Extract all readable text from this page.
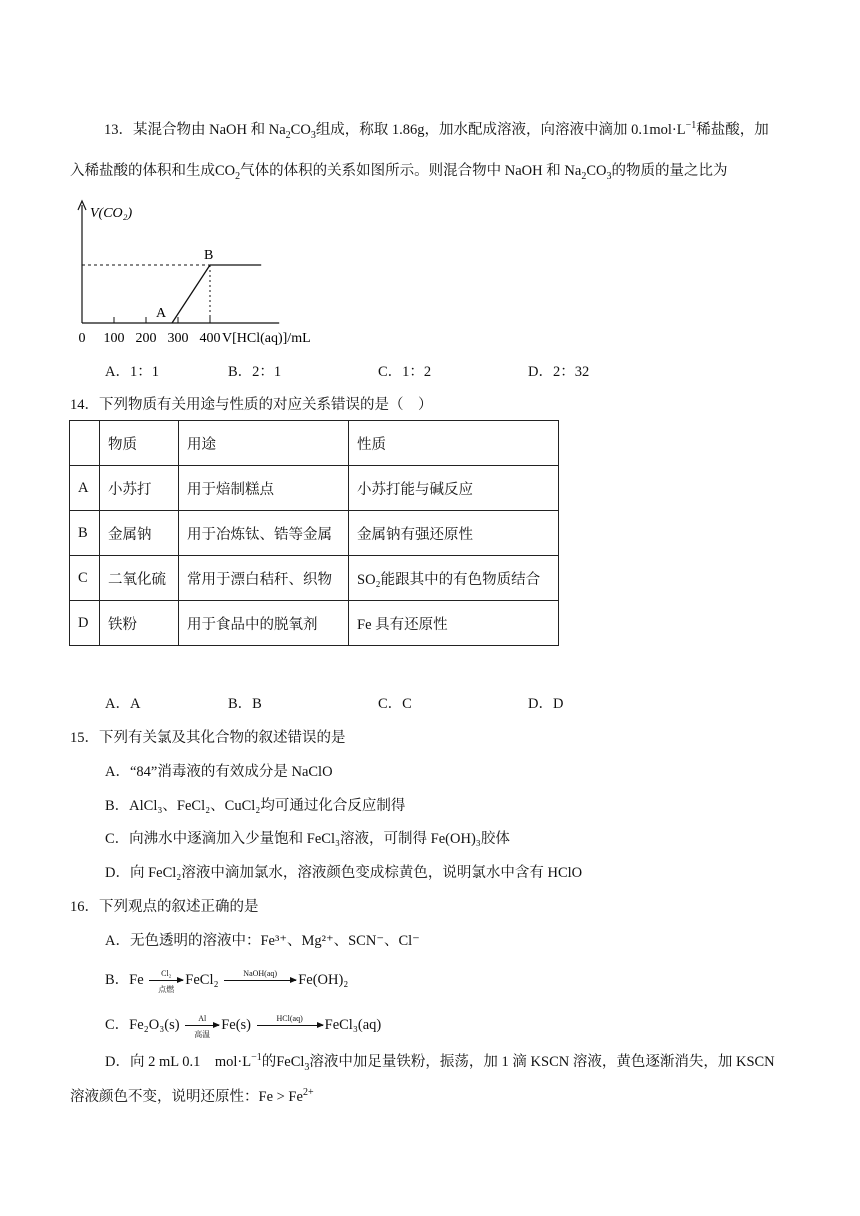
13．某混合物由 NaOH 和 $Na_2CO_3$组成，称取 1.86g，加水配成溶液，向溶液中滴加 $0.1mol\cdot L^{-1}$稀盐酸，加
入稀盐酸的体积和生成$CO_2$气体的体积的关系如图所示。则混合物中 NaOH 和 $Na_2CO_3$的物质的量之比为
V(CO₂)
0 100 200 300 400 V[HCl(aq)]/mL
A
B
A．1：1	B．2：1	C．1：2	D．2：32
14．下列物质有关用途与性质的对应关系错误的是（　）
	物质	用途	性质
A	小苏打	用于焙制糕点	小苏打能与碱反应
B	金属钠	用于冶炼钛、锆等金属	金属钠有强还原性
C	二氧化硫	常用于漂白秸秆、织物	SO₂能跟其中的有色物质结合
D	铁粉	用于食品中的脱氧剂	Fe 具有还原性
A．A	B．B	C．C	D．D
15．下列有关氯及其化合物的叙述错误的是
A．“84”消毒液的有效成分是 NaClO
B．AlCl₃、FeCl₂、CuCl₂均可通过化合反应制得
C．向沸水中逐滴加入少量饱和 FeCl₃溶液，可制得 Fe(OH)₃胶体
D．向 FeCl₂溶液中滴加氯水，溶液颜色变成棕黄色，说明氯水中含有 HClO
16．下列观点的叙述正确的是
A．无色透明的溶液中：Fe³⁺、Mg²⁺、SCN⁻、Cl⁻
B．Fe	Cl₂
点燃
FeCl₂	NaOH(aq)	Fe(OH)₂
C．Fe₂O₃(s)	Al
高温
Fe(s)	HCl(aq)	FeCl₃(aq)
D．向 2 mL 0.1　$mol\cdot L^{-1}$的FeCl$_3$溶液中加足量铁粉，振荡，加 1 滴 KSCN 溶液，黄色逐渐消失，加 KSCN
溶液颜色不变，说明还原性：$Fe > Fe^{2+}$
